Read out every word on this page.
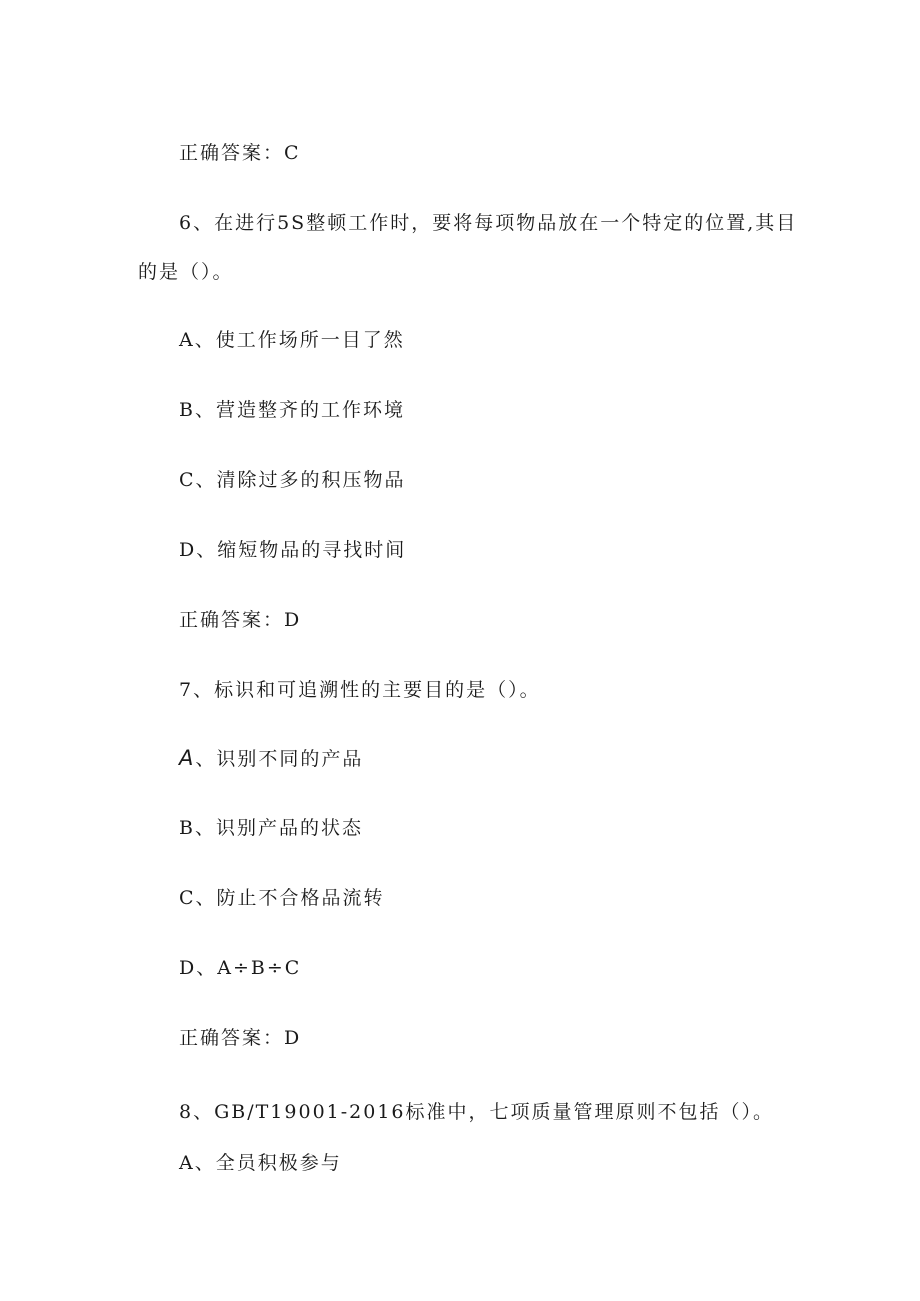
正确答案：C
6、在进行5S整顿工作时，要将每项物品放在一个特定的位置,其目
的是（）。
A、使工作场所一目了然
B、营造整齐的工作环境
C、清除过多的积压物品
D、缩短物品的寻找时间
正确答案：D
7、标识和可追溯性的主要目的是（）。
A、识别不同的产品
B、识别产品的状态
C、防止不合格品流转
D、A÷B÷C
正确答案：D
8、GB/T19001-2016标准中，七项质量管理原则不包括（）。
A、全员积极参与
